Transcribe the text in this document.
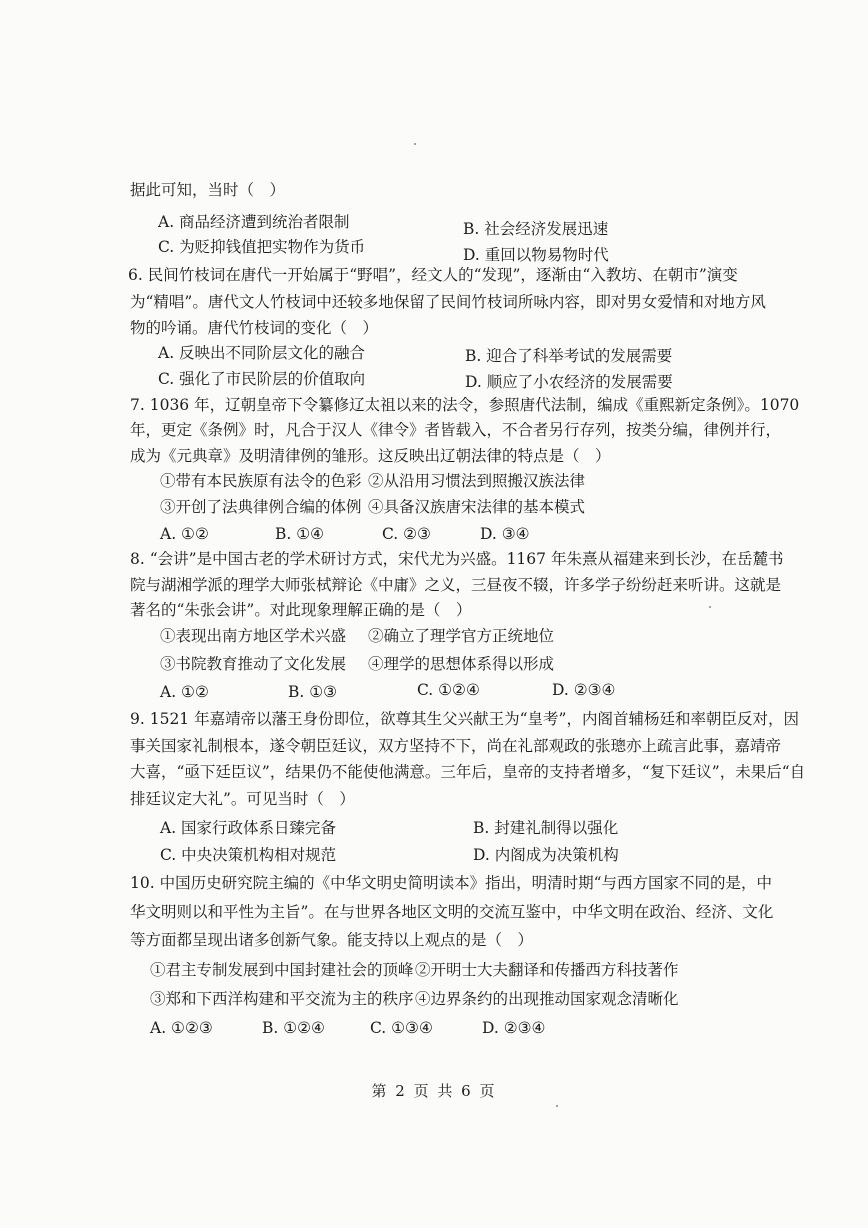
据此可知，当时（　）
A. 商品经济遭到统治者限制	B. 社会经济发展迅速
C. 为贬抑钱值把实物作为货币	D. 重回以物易物时代
6. 民间竹枝词在唐代一开始属于“野唱”，经文人的“发现”，逐渐由“入教坊、在朝市”演变
为“精唱”。唐代文人竹枝词中还较多地保留了民间竹枝词所咏内容，即对男女爱情和对地方风
物的吟诵。唐代竹枝词的变化（　）
A. 反映出不同阶层文化的融合	B. 迎合了科举考试的发展需要
C. 强化了市民阶层的价值取向	D. 顺应了小农经济的发展需要
7. 1036 年，辽朝皇帝下令纂修辽太祖以来的法令，参照唐代法制，编成《重熙新定条例》。1070
年，更定《条例》时，凡合于汉人《律令》者皆载入，不合者另行存列，按类分编，律例并行，
成为《元典章》及明清律例的雏形。这反映出辽朝法律的特点是（　）
①带有本民族原有法令的色彩 ②从沿用习惯法到照搬汉族法律
③开创了法典律例合编的体例 ④具备汉族唐宋法律的基本模式
A. ①②	B. ①④	C. ②③	D. ③④
8. “会讲”是中国古老的学术研讨方式，宋代尤为兴盛。1167 年朱熹从福建来到长沙，在岳麓书
院与湖湘学派的理学大师张栻辩论《中庸》之义，三昼夜不辍，许多学子纷纷赶来听讲。这就是
著名的“朱张会讲”。对此现象理解正确的是（　）
①表现出南方地区学术兴盛 ②确立了理学官方正统地位
③书院教育推动了文化发展 ④理学的思想体系得以形成
A. ①②	B. ①③	C. ①②④	D. ②③④
9. 1521 年嘉靖帝以藩王身份即位，欲尊其生父兴献王为“皇考”，内阁首辅杨廷和率朝臣反对，因
事关国家礼制根本，遂令朝臣廷议，双方坚持不下，尚在礼部观政的张璁亦上疏言此事，嘉靖帝
大喜，“亟下廷臣议”，结果仍不能使他满意。三年后，皇帝的支持者增多，“复下廷议”，未果后“自
排廷议定大礼”。可见当时（　）
A. 国家行政体系日臻完备	B. 封建礼制得以强化
C. 中央决策机构相对规范	D. 内阁成为决策机构
10. 中国历史研究院主编的《中华文明史简明读本》指出，明清时期“与西方国家不同的是，中
华文明则以和平性为主旨”。在与世界各地区文明的交流互鉴中，中华文明在政治、经济、文化
等方面都呈现出诸多创新气象。能支持以上观点的是（　）
①君主专制发展到中国封建社会的顶峰 ②开明士大夫翻译和传播西方科技著作
③郑和下西洋构建和平交流为主的秩序 ④边界条约的出现推动国家观念清晰化
A. ①②③	B. ①②④	C. ①③④	D. ②③④
第 2 页 共 6 页
